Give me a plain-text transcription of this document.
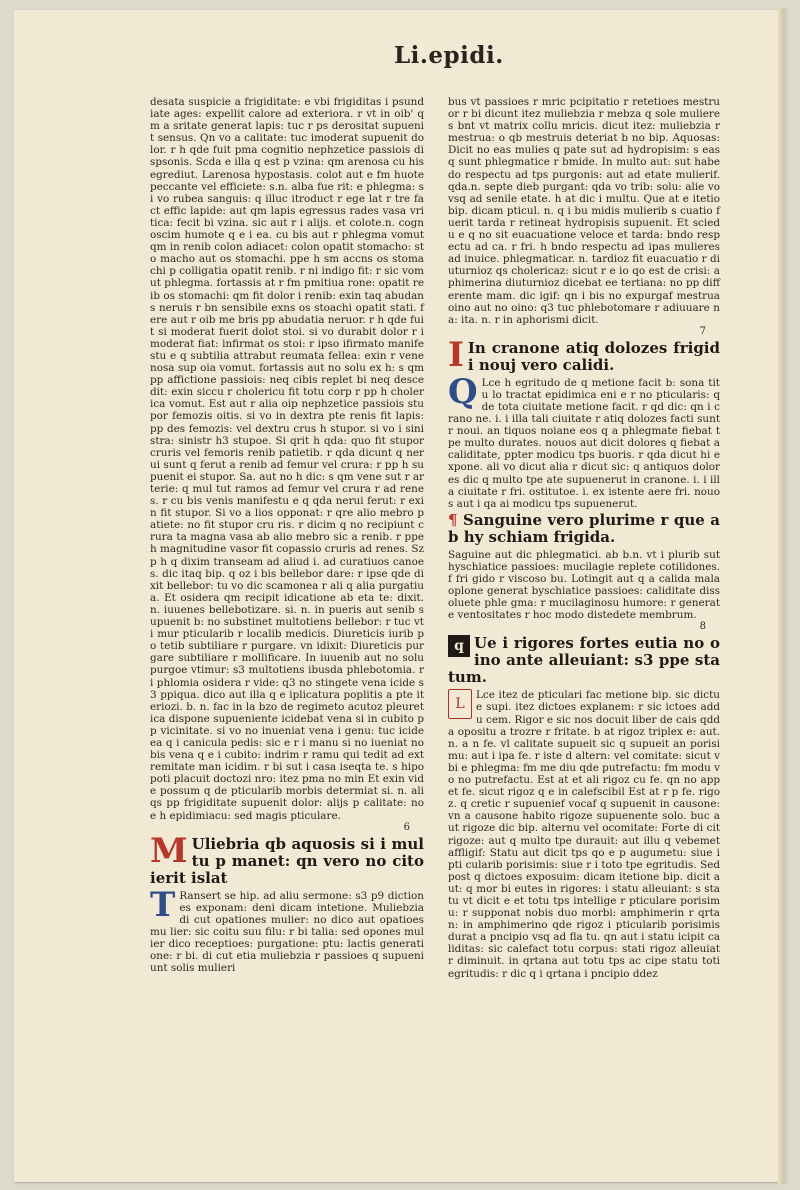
Li.epidi.

desata suspicie a frigiditate: e vbi frigiditas i psundiate ages: expellit calore ad exteriora. r vt in oib' qm a sritate generat lapis: tuc r ps derositat supuenit sensus. Qn vo a calitate: tuc imoderat supuenit dolor. r h qde fuit pma cognitio nephzetice passiois dispsonis. Scda e illa q est p vzina: qm arenosa cu his egrediut. Larenosa hypostasis. colot aut e fm huote peccante vel efficiete: s.n. alba fue rit: e phlegma: si vo rubea sanguis: q illuc itroduct r ege lat r tre fact effic lapide: aut qm lapis egressus rades vasa vritica: fecit bi vzina. sic aut r i alijs. et colote.n. cognoscim humote q e i ea. cu bis aut r phlegma vomut qm in renib colon adiacet: colon opatit stomacho: sto macho aut os stomachi. ppe h sm accns os stomachi p colligatia opatit renib. r ni indigo fit: r sic vomut phlegma. fortassis at r fm pmitiua rone: opatit reib os stomachi: qm fit dolor i renib: exin taq abudans neruis r bn sensibile exns os stoachi opatit stati. fere aut r oib me bris pp abudatia neruor. r h qde fuit si moderat fuerit dolot stoi. si vo durabit dolor r imoderat fiat: infirmat os stoi: r ipso ifirmato manifestu e q subtilia attrabut reumata fellea: exin r venenosa sup oia vomut. fortassis aut no solu ex h: s qm pp affictione passiois: neq cibis replet bi neq descedit: exin siccu r cholericu fit totu corp r pp h cholerica vomut. Est aut r alia oip nephzetice passiois stupor femozis oitis. si vo in dextra pte renis fit lapis: pp des femozis: vel dextru crus h stupor. si vo i sinistra: sinistr h3 stupoe. Si qrit h qda: quo fit stupor cruris vel femoris renib patietib. r qda dicunt q nerui sunt q ferut a renib ad femur vel crura: r pp h supuenit ei stupor. Sa. aut no h dic: s qm vene sut r arterie: q mul tut ramos ad femur vel crura r ad renes. r cu bis venis manifestu e q qda nerui ferut: r exin fit stupor. Si vo a lios opponat: r qre alio mebro patiete: no fit stupor cru ris. r dicim q no recipiunt crura ta magna vasa ab alio mebro sic a renib. r ppe h magnitudine vasor fit copassio cruris ad renes. Sz p h q dixim transeam ad aliud i. ad curatiuos canoes. dic itaq bip. q oz i bis bellebor dare: r ipse qde dixit bellebor: tu vo dic scamonea r ali q alia purgatiua. Et osidera qm recipit idicatione ab eta te: dixit. n. iuuenes bellebotizare. si. n. in pueris aut senib supuenit b: no substinet multotiens bellebor: r tuc vti mur pticularib r localib medicis. Diureticis iurib po tetib subtiliare r purgare. vn idixit: Diureticis purgare subtiliare r mollificare. In iuuenib aut no solu purgoe vtimur: s3 multotiens ibusda phlebotomia. r i phlomia osidera r vide: q3 no stingete vena icide s3 ppiqua. dico aut illa q e iplicatura poplitis a pte iteriozi. b. n. fac in la bzo de regimeto acutoz pleuretica dispone supueniente icidebat vena si in cubito pp vicinitate. si vo no inueniat vena i genu: tuc icide ea q i canicula pedis: sic e r i manu si no iueniat nobis vena q e i cubito: indrim r ramu qui tedit ad extremitate man icidim. r bi sut i casa iseqta te. s hipo poti placuit doctozi nro: itez pma no min Et exin vide possum q de pticularib morbis determiat si. n. aliqs pp frigiditate supuenit dolor: alijs p calitate: no e h epidimiacu: sed magis pticulare.

6

M Uliebria qb aquosis si i multu p manet: qn vero no cito ierit islat
T Ransert se hip. ad aliu sermone: s3 p9 dictiones exponam: deni dicam intetione. Muliebzia di cut opationes mulier: no dico aut opatioes mu lier: sic coitu suu filu: r bi talia: sed opones mulier dico receptioes: purgatione: ptu: lactis generatione: r bi. di cut etia muliebzia r passioes q supueniunt solis mulieri

bus vt passioes r mric pcipitatio r retetioes mestruor r bi dicunt itez muliebzia r mebza q sole mulieres bnt vt matrix collu mricis. dicut itez: muliebzia r mestrua: o qb mestruis deteriat b no bip. Aquosas: Dicit no eas mulies q pate sut ad hydropisim: s eas q sunt phlegmatice r bmide. In multo aut: sut habedo respectu ad tps purgonis: aut ad etate mulierif. qda.n. septe dieb purgant: qda vo trib: solu: alie vo vsq ad senile etate. h at dic i multu. Que at e itetio bip. dicam pticul. n. q i bu midis mulierib s cuatio fuerit tarda r retineat hydropisis supuenit. Et sciedu e q no sit euacuatione veloce et tarda: bndo respectu ad ca. r fri. h bndo respectu ad ipas mulieres ad inuice. phlegmaticar. n. tardioz fit euacuatio r diuturnioz qs cholericaz: sicut r e io qo est de crisi: aphimerina diuturnioz dicebat ee tertiana: no pp differente mam. dic igif: qn i bis no expurgaf mestrua oino aut no oino: q3 tuc phlebotomare r adiuuare na: ita. n. r in aphorismi dicit.

7

I In cranone atiq dolozes frigidi nouj vero calidi.
Q Lce h egritudo de q metione facit b: sona titu lo tractat epidimica eni e r no pticularis: q de tota ciuitate metione facit. r qd dic: qn i crano ne. i. i illa tali ciuitate r atiq dolozes facti sunt r noui. an tiquos noiane eos q a phlegmate fiebat tpe multo durates. nouos aut dicit dolores q fiebat a caliditate, ppter modicu tps buoris. r qda dicut hi expone. ali vo dicut alia r dicut sic: q antiquos dolores dic q multo tpe ate supuenerut in cranone. i. i illa ciuitate r fri. ostitutoe. i. ex istente aere fri. nouos aut i qa ai modicu tps supuenerut.

¶ Sanguine vero plurime r que ab hy schiam frigida.

Saguine aut dic phlegmatici. ab b.n. vt i plurib sut hyschiatice passioes: mucilagie replete cotilidones. f fri gido r viscoso bu. Lotingit aut q a calida mala oplone generat byschiatice passioes: caliditate dissoluete phle gma: r mucilaginosu humore: r generate ventositates r hoc modo distedete membrum.

8

q Ue i rigores fortes eutia no oino ante alleuiant: s3 ppe statum.
L

Lce itez de pticulari fac metione bip. sic dictu e supi. itez dictoes explanem: r sic ictoes addu cem. Rigor e sic nos docuit liber de cais qdda opositu a trozre r fritate. b at rigoz triplex e: aut. n. a n fe. vl calitate supueit sic q supueit an porisimu: aut i ipa fe. r iste d altern: vel comitate: sicut vbi e phlegma: fm me diu qde putrefactu: fm modu vo no putrefactu. Est at et ali rigoz cu fe. qn no appet fe. sicut rigoz q e in calefscibil Est at r p fe. rigoz. q cretic r supuenief vocaf q supuenit in causone: vn a causone habito rigoze supuenente solo. buc aut rigoze dic bip. alternu vel ocomitate: Forte di cit rigoze: aut q multo tpe durauit: aut illu q vebemet affligif: Statu aut dicit tps qo e p augumetu: siue i pti cularib porisimis: siue r i toto tpe egritudis. Sed post q dictoes exposuim: dicam itetione bip. dicit aut: q mor bi eutes in rigores: i statu alleuiant: s statu vt dicit e et totu tps intellige r pticulare porisimu: r supponat nobis duo morbi: amphimerin r qrtan: in amphimerino qde rigoz i pticularib porisimis durat a pncipio vsq ad fla tu. qn aut i statu icipit caliditas: sic calefact totu corpus: stati rigoz alleuiat r diminuit. in qrtana aut totu tps ac cipe statu toti egritudis: r dic q i qrtana i pncipio ddez
